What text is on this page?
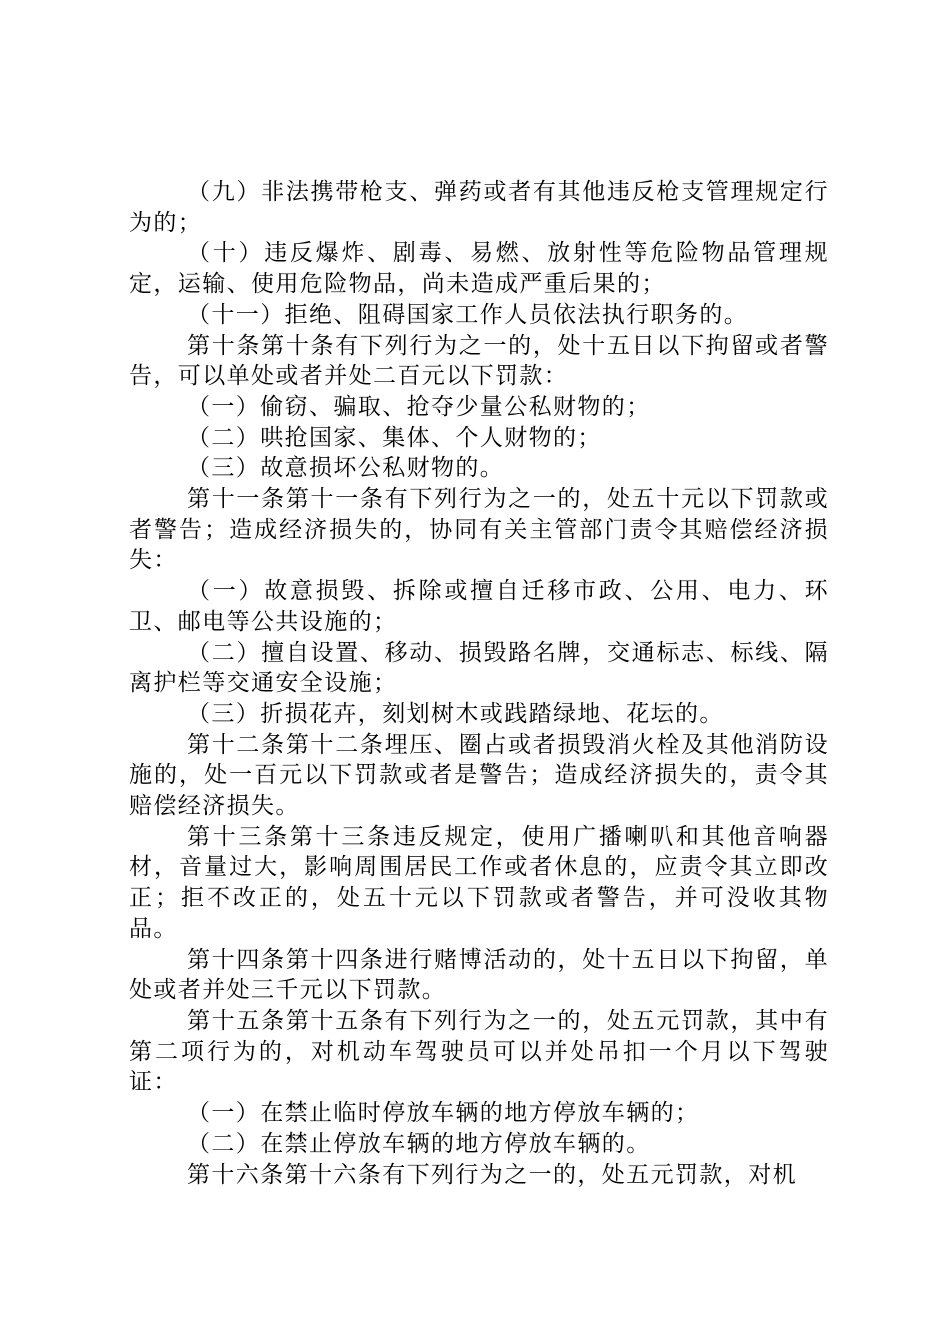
（九）非法携带枪支、弹药或者有其他违反枪支管理规定行为的；

（十）违反爆炸、剧毒、易燃、放射性等危险物品管理规定，运输、使用危险物品，尚未造成严重后果的；

（十一）拒绝、阻碍国家工作人员依法执行职务的。

第十条第十条有下列行为之一的，处十五日以下拘留或者警告，可以单处或者并处二百元以下罚款：

（一）偷窃、骗取、抢夺少量公私财物的；

（二）哄抢国家、集体、个人财物的；

（三）故意损坏公私财物的。

第十一条第十一条有下列行为之一的，处五十元以下罚款或者警告；造成经济损失的，协同有关主管部门责令其赔偿经济损失：

（一）故意损毁、拆除或擅自迁移市政、公用、电力、环卫、邮电等公共设施的；

（二）擅自设置、移动、损毁路名牌，交通标志、标线、隔离护栏等交通安全设施；

（三）折损花卉，刻划树木或践踏绿地、花坛的。

第十二条第十二条埋压、圈占或者损毁消火栓及其他消防设施的，处一百元以下罚款或者是警告；造成经济损失的，责令其赔偿经济损失。

第十三条第十三条违反规定，使用广播喇叭和其他音响器材，音量过大，影响周围居民工作或者休息的，应责令其立即改正；拒不改正的，处五十元以下罚款或者警告，并可没收其物品。

第十四条第十四条进行赌博活动的，处十五日以下拘留，单处或者并处三千元以下罚款。

第十五条第十五条有下列行为之一的，处五元罚款，其中有第二项行为的，对机动车驾驶员可以并处吊扣一个月以下驾驶证：

（一）在禁止临时停放车辆的地方停放车辆的；

（二）在禁止停放车辆的地方停放车辆的。

第十六条第十六条有下列行为之一的，处五元罚款，对机
